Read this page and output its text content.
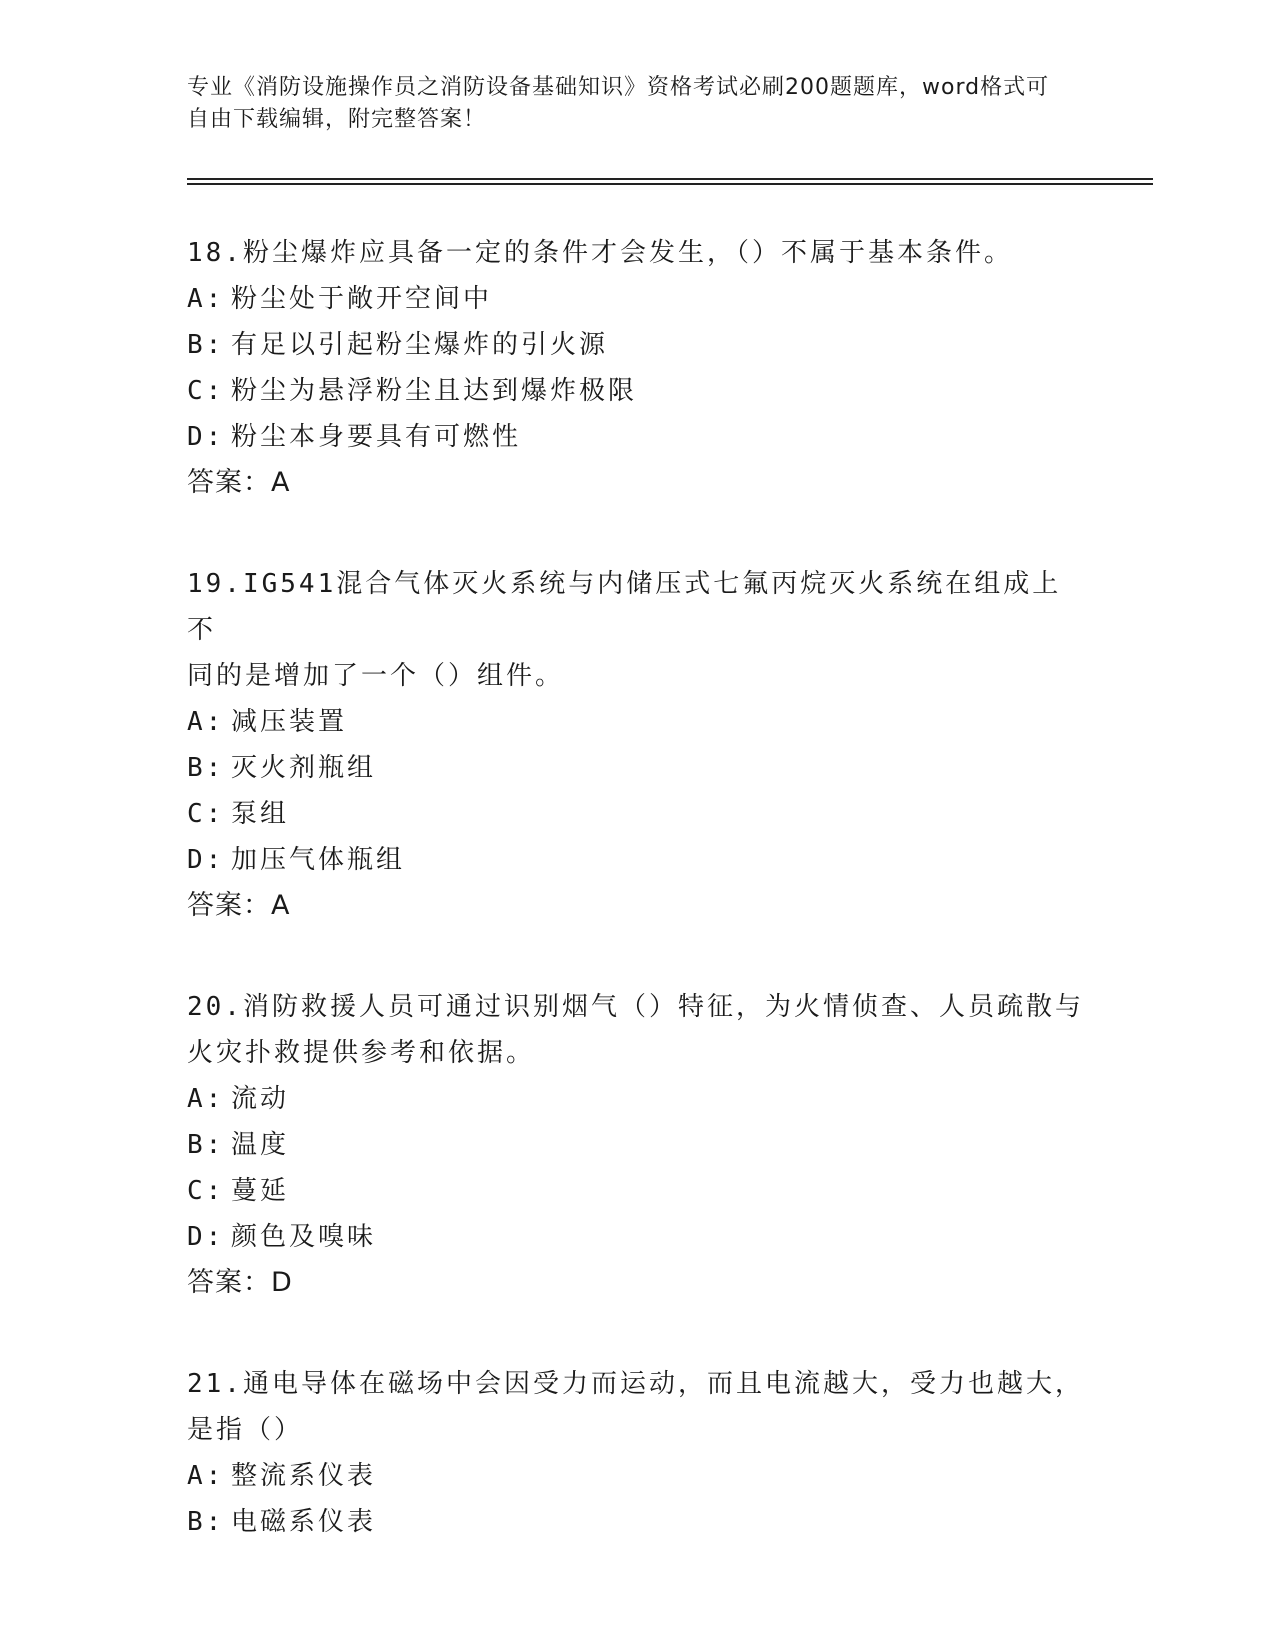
专业《消防设施操作员之消防设备基础知识》资格考试必刷200题题库，word格式可自由下载编辑，附完整答案！
18.粉尘爆炸应具备一定的条件才会发生，（）不属于基本条件。
A: 粉尘处于敞开空间中
B: 有足以引起粉尘爆炸的引火源
C: 粉尘为悬浮粉尘且达到爆炸极限
D: 粉尘本身要具有可燃性
答案：A
19.IG541混合气体灭火系统与内储压式七氟丙烷灭火系统在组成上不
同的是增加了一个（）组件。
A: 减压装置
B: 灭火剂瓶组
C: 泵组
D: 加压气体瓶组
答案：A
20.消防救援人员可通过识别烟气（）特征，为火情侦查、人员疏散与
火灾扑救提供参考和依据。
A: 流动
B: 温度
C: 蔓延
D: 颜色及嗅味
答案：D
21.通电导体在磁场中会因受力而运动，而且电流越大，受力也越大，
是指（）
A: 整流系仪表
B: 电磁系仪表
